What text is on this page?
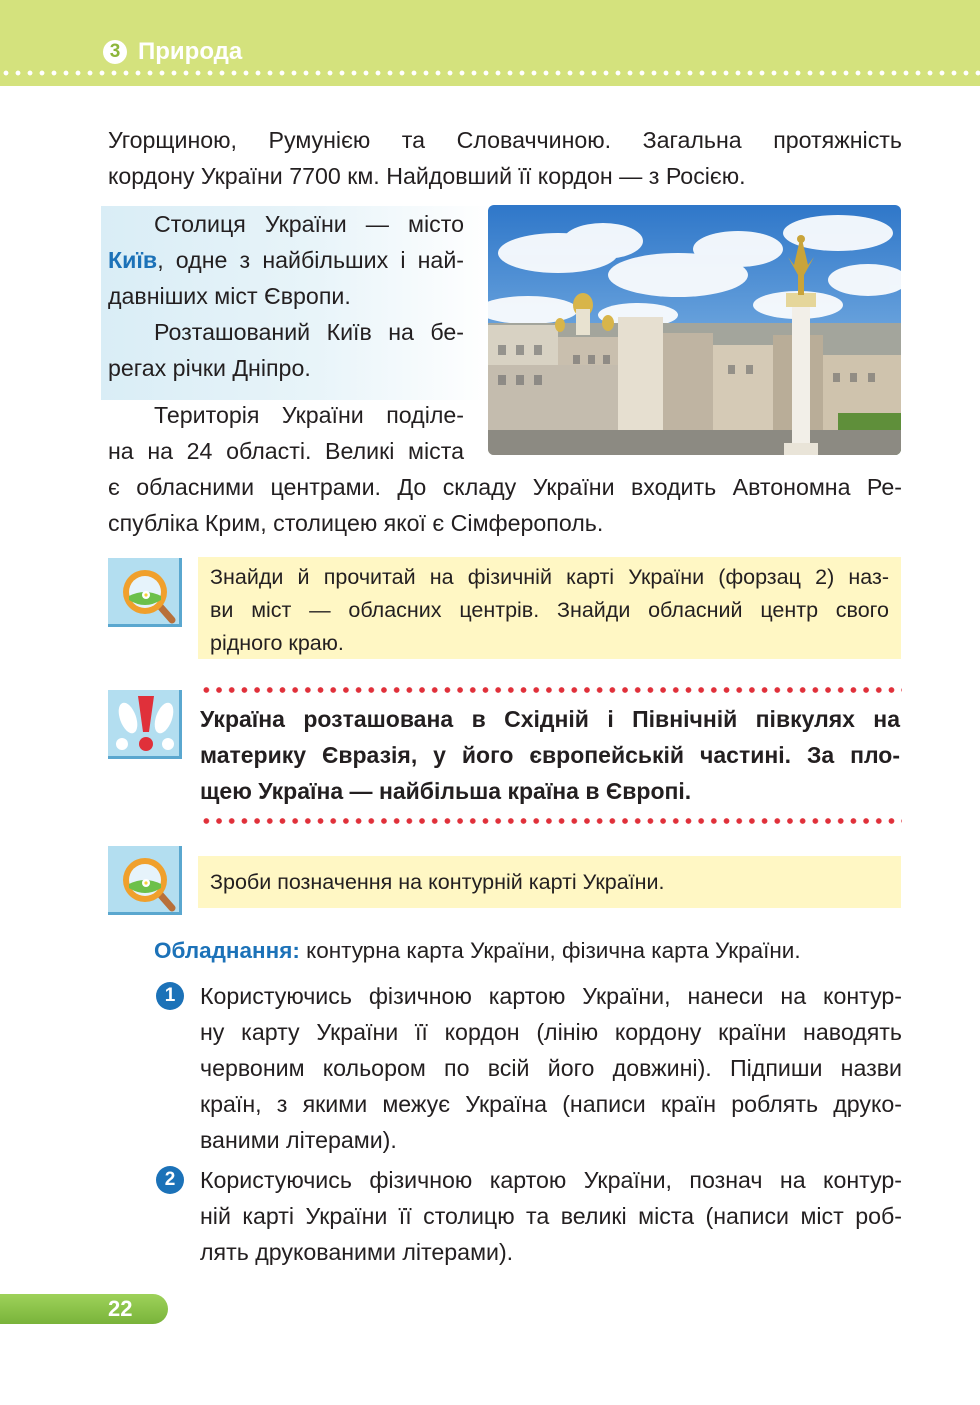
3 Природа
Угорщиною, Румунією та Словаччиною. Загальна протяжність
кордону України 7700 км. Найдовший її кордон — з Росією.
Столиця України — місто
Київ, одне з найбільших і най-
давніших міст Європи.
Розташований Київ на бе-
регах річки Дніпро.
Територія України поділе-
на на 24 області. Великі міста
є обласними центрами. До складу України входить Автономна Ре-
спубліка Крим, столицею якої є Сімферополь.
Знайди й прочитай на фізичній карті України (форзац 2) наз-
ви міст — обласних центрів. Знайди обласний центр свого
рідного краю.
Україна розташована в Східній і Північній півкулях на
материку Євразія, у його європейській частині. За пло-
щею Україна — найбільша країна в Європі.
Зроби позначення на контурній карті України.
Обладнання: контурна карта України, фізична карта України.
1	Користуючись фізичною картою України, нанеси на контур-
ну карту України її кордон (лінію кордону країни наводять
червоним кольором по всій його довжині). Підпиши назви
країн, з якими межує Україна (написи країн роблять друко-
ваними літерами).
2	Користуючись фізичною картою України, познач на контур-
ній карті України її столицю та великі міста (написи міст роб-
лять друкованими літерами).
22
